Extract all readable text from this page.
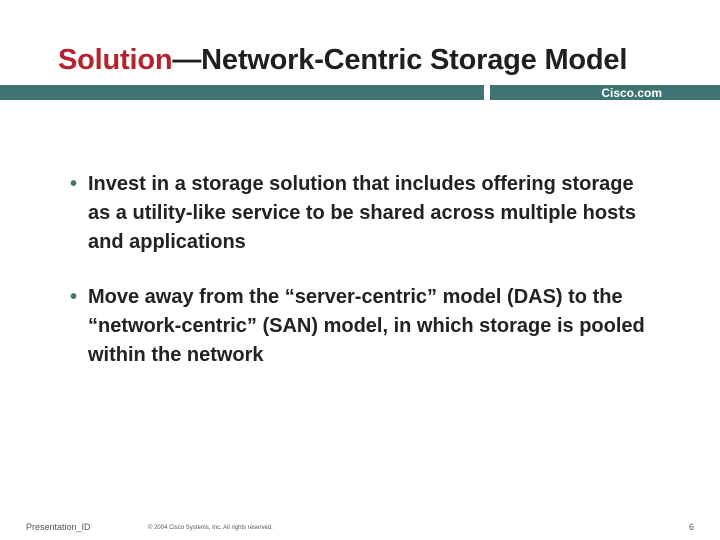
Solution—Network-Centric Storage Model
Cisco.com
• Invest in a storage solution that includes offering storage as a utility-like service to be shared across multiple hosts and applications
• Move away from the “server-centric” model (DAS) to the “network-centric” (SAN) model, in which storage is pooled within the network
Presentation_ID	© 2004 Cisco Systems, Inc. All rights reserved.	6
